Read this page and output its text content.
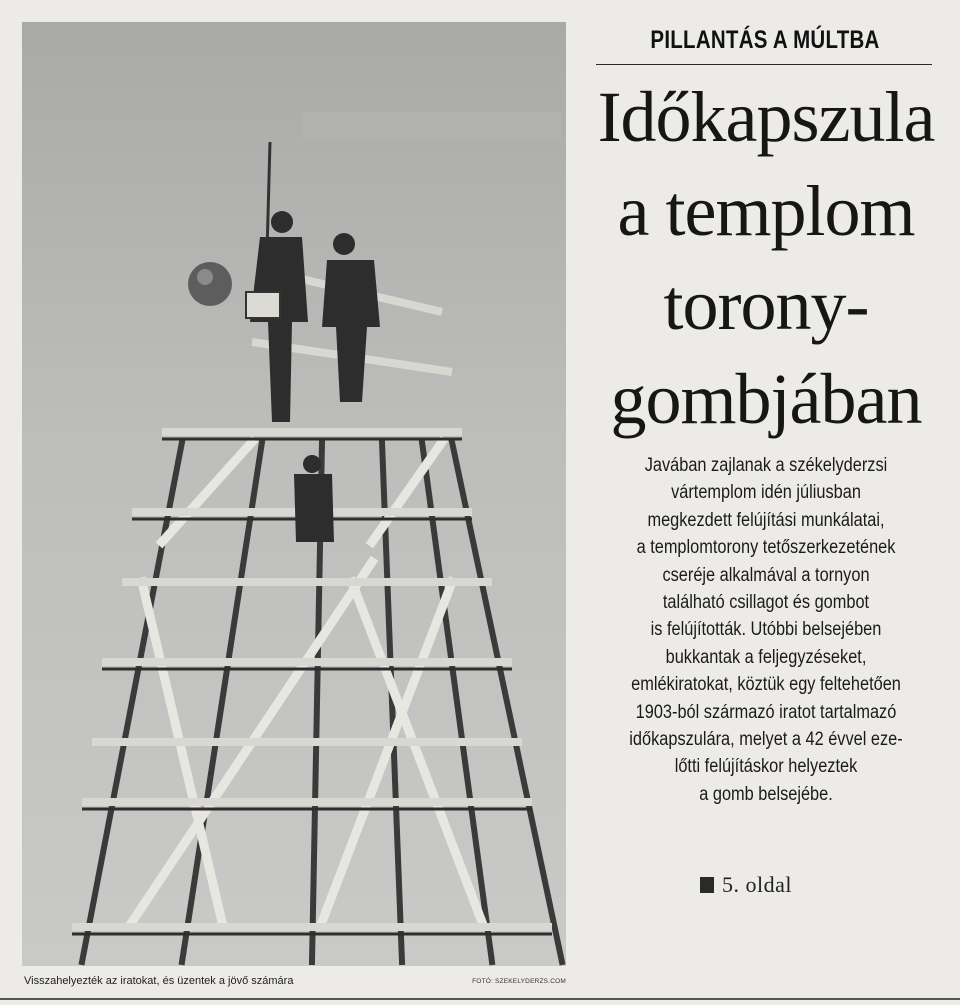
Visszahelyezték az iratokat, és üzentek a jövő számára	FOTÓ: SZEKELYDERZS.COM
PILLANTÁS A MÚLTBA
Időkapszula
a templom
torony-
gombjában
Javában zajlanak a székelyderzsi
vártemplom idén júliusban
megkezdett felújítási munkálatai,
a templomtorony tetőszerkezetének
cseréje alkalmával a tornyon
található csillagot és gombot
is felújították. Utóbbi belsejében
bukkantak a feljegyzéseket,
emlékiratokat, köztük egy feltehetően
1903-ból származó iratot tartalmazó
időkapszulára, melyet a 42 évvel eze-
lőtti felújításkor helyeztek
a gomb belsejébe.
5. oldal
